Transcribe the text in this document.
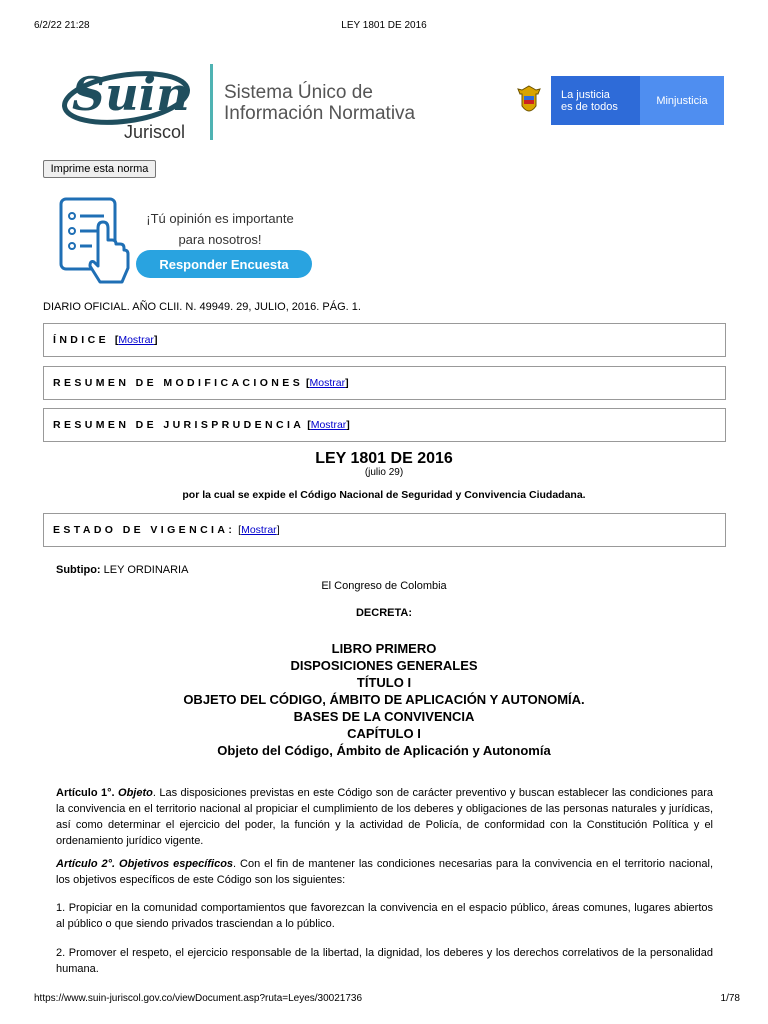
6/2/22 21:28	LEY 1801 DE 2016
Suin
Juriscol
Sistema Único de
Información Normativa
La justicia
es de todos	Minjusticia
Imprime esta norma
¡Tú opinión es importante
para nosotros!
Responder Encuesta
DIARIO OFICIAL. AÑO CLII. N. 49949. 29, JULIO, 2016. PÁG. 1.
ÍNDICE [ Mostrar ]
RESUMEN DE MODIFICACIONES [ Mostrar ]
RESUMEN DE JURISPRUDENCIA [ Mostrar ]
LEY 1801 DE 2016
(julio 29)
por la cual se expide el Código Nacional de Seguridad y Convivencia Ciudadana.
ESTADO DE VIGENCIA: [ Mostrar ]
Subtipo: LEY ORDINARIA
El Congreso de Colombia
DECRETA:
LIBRO PRIMERO
DISPOSICIONES GENERALES
TÍTULO I
OBJETO DEL CÓDIGO, ÁMBITO DE APLICACIÓN Y AUTONOMÍA.
BASES DE LA CONVIVENCIA
CAPÍTULO I
Objeto del Código, Ámbito de Aplicación y Autonomía
Artículo 1°. Objeto. Las disposiciones previstas en este Código son de carácter preventivo y buscan establecer las condiciones para la convivencia en el territorio nacional al propiciar el cumplimiento de los deberes y obligaciones de las personas naturales y jurídicas, así como determinar el ejercicio del poder, la función y la actividad de Policía, de conformidad con la Constitución Política y el ordenamiento jurídico vigente.
Artículo 2°. Objetivos específicos. Con el fin de mantener las condiciones necesarias para la convivencia en el territorio nacional, los objetivos específicos de este Código son los siguientes:
1. Propiciar en la comunidad comportamientos que favorezcan la convivencia en el espacio público, áreas comunes, lugares abiertos al público o que siendo privados trasciendan a lo público.
2. Promover el respeto, el ejercicio responsable de la libertad, la dignidad, los deberes y los derechos correlativos de la personalidad humana.
https://www.suin-juriscol.gov.co/viewDocument.asp?ruta=Leyes/30021736	1/78
